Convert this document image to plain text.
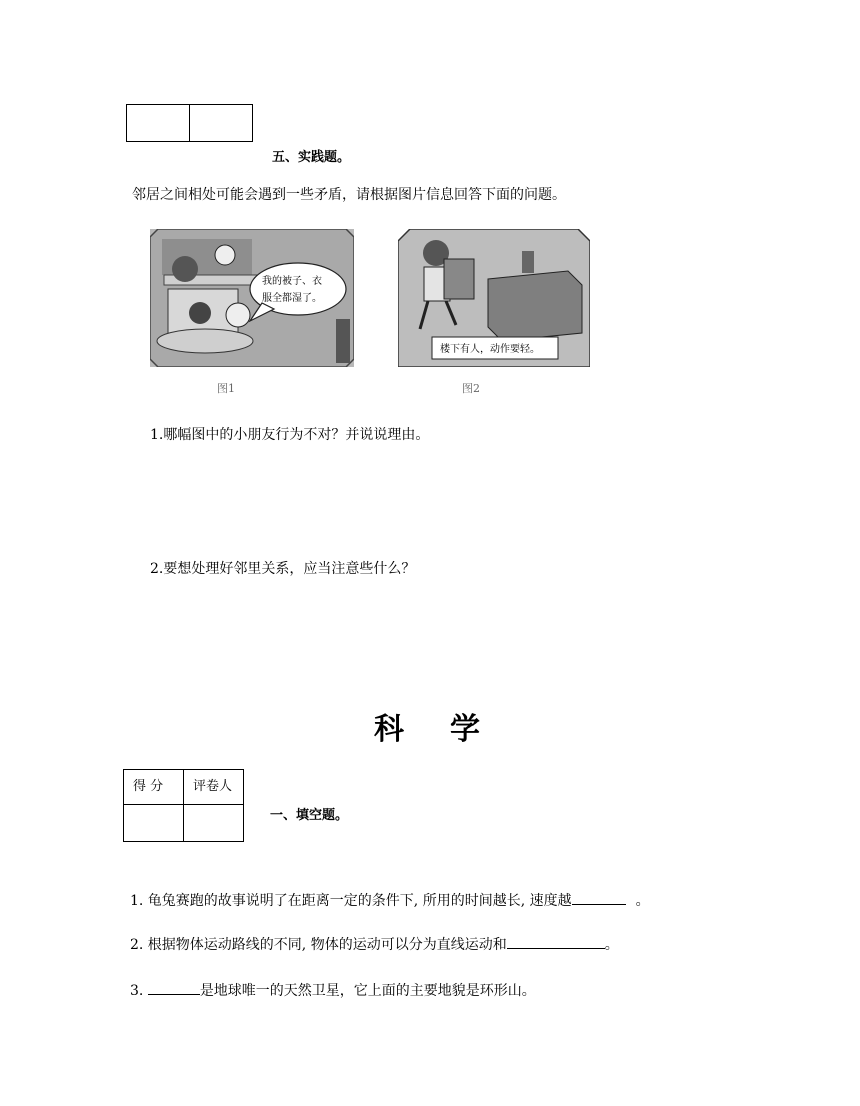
五、实践题。
邻居之间相处可能会遇到一些矛盾，请根据图片信息回答下面的问题。
我的被子、衣
服全都湿了。
图1
楼下有人，动作要轻。
图2
1.哪幅图中的小朋友行为不对？并说说理由。
2.要想处理好邻里关系，应当注意些什么？
科学
得 分	评卷人

一、填空题。
1. 龟兔赛跑的故事说明了在距离一定的条件下, 所用的时间越长, 速度越	。
2. 根据物体运动路线的不同, 物体的运动可以分为直线运动和	。
3.	是地球唯一的天然卫星，它上面的主要地貌是环形山。
